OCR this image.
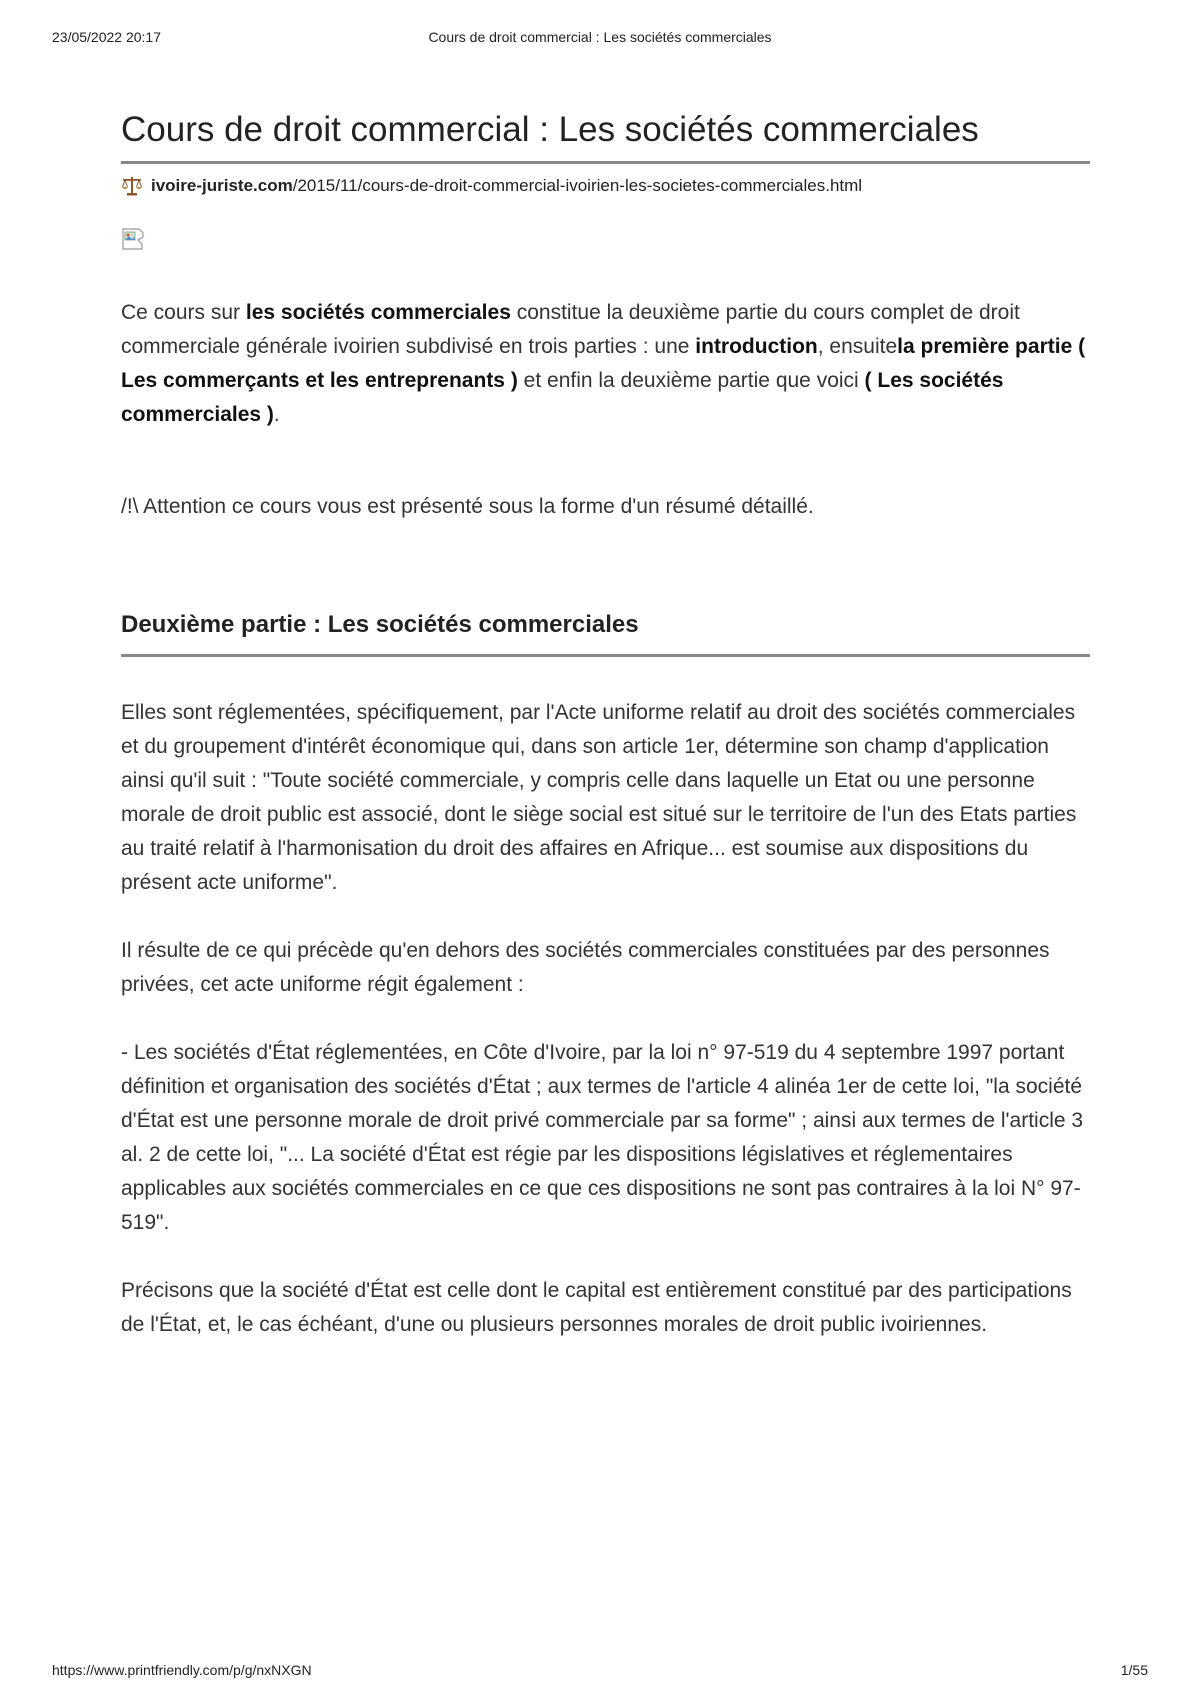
23/05/2022 20:17	Cours de droit commercial : Les sociétés commerciales
Cours de droit commercial : Les sociétés commerciales
ivoire-juriste.com/2015/11/cours-de-droit-commercial-ivoirien-les-societes-commerciales.html

Ce cours sur les sociétés commerciales constitue la deuxième partie du cours complet de droit commerciale générale ivoirien subdivisé en trois parties : une introduction, ensuitela première partie ( Les commerçants et les entreprenants ) et enfin la deuxième partie que voici ( Les sociétés commerciales ).

/!\ Attention ce cours vous est présenté sous la forme d'un résumé détaillé.

Deuxième partie : Les sociétés commerciales

Elles sont réglementées, spécifiquement, par l'Acte uniforme relatif au droit des sociétés commerciales et du groupement d'intérêt économique qui, dans son article 1er, détermine son champ d'application ainsi qu'il suit : "Toute société commerciale, y compris celle dans laquelle un Etat ou une personne morale de droit public est associé, dont le siège social est situé sur le territoire de l'un des Etats parties au traité relatif à l'harmonisation du droit des affaires en Afrique... est soumise aux dispositions du présent acte uniforme".

Il résulte de ce qui précède qu'en dehors des sociétés commerciales constituées par des personnes privées, cet acte uniforme régit également :

- Les sociétés d'État réglementées, en Côte d'Ivoire, par la loi n° 97-519 du 4 septembre 1997 portant définition et organisation des sociétés d'État ; aux termes de l'article 4 alinéa 1er de cette loi, "la société d'État est une personne morale de droit privé commerciale par sa forme" ; ainsi aux termes de l'article 3 al. 2 de cette loi, "... La société d'État est régie par les dispositions législatives et réglementaires applicables aux sociétés commerciales en ce que ces dispositions ne sont pas contraires à la loi N° 97-519".

Précisons que la société d'État est celle dont le capital est entièrement constitué par des participations de l'État, et, le cas échéant, d'une ou plusieurs personnes morales de droit public ivoiriennes.

https://www.printfriendly.com/p/g/nxNXGN	1/55
